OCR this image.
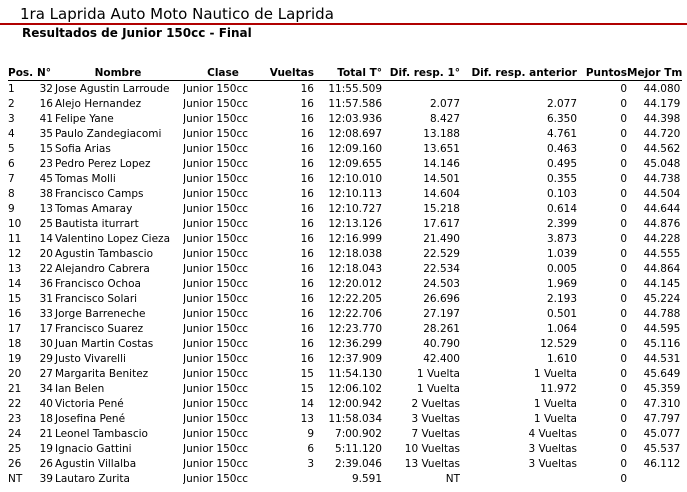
1ra Laprida Auto Moto Nautico de Laprida
Resultados de Junior 150cc - Final
Pos.	N°	Nombre	Clase	Vueltas	Total T°	Dif. resp. 1°	Dif. resp. anterior	Puntos	Mejor Tm
1	32	Jose Agustin Larroude	Junior 150cc	16	11:55.509			0	44.080
2	16	Alejo Hernandez	Junior 150cc	16	11:57.586	2.077	2.077	0	44.179
3	41	Felipe Yane	Junior 150cc	16	12:03.936	8.427	6.350	0	44.398
4	35	Paulo Zandegiacomi	Junior 150cc	16	12:08.697	13.188	4.761	0	44.720
5	15	Sofia Arias	Junior 150cc	16	12:09.160	13.651	0.463	0	44.562
6	23	Pedro Perez Lopez	Junior 150cc	16	12:09.655	14.146	0.495	0	45.048
7	45	Tomas Molli	Junior 150cc	16	12:10.010	14.501	0.355	0	44.738
8	38	Francisco Camps	Junior 150cc	16	12:10.113	14.604	0.103	0	44.504
9	13	Tomas Amaray	Junior 150cc	16	12:10.727	15.218	0.614	0	44.644
10	25	Bautista iturrart	Junior 150cc	16	12:13.126	17.617	2.399	0	44.876
11	14	Valentino Lopez Cieza	Junior 150cc	16	12:16.999	21.490	3.873	0	44.228
12	20	Agustin Tambascio	Junior 150cc	16	12:18.038	22.529	1.039	0	44.555
13	22	Alejandro Cabrera	Junior 150cc	16	12:18.043	22.534	0.005	0	44.864
14	36	Francisco Ochoa	Junior 150cc	16	12:20.012	24.503	1.969	0	44.145
15	31	Francisco Solari	Junior 150cc	16	12:22.205	26.696	2.193	0	45.224
16	33	Jorge Barreneche	Junior 150cc	16	12:22.706	27.197	0.501	0	44.788
17	17	Francisco Suarez	Junior 150cc	16	12:23.770	28.261	1.064	0	44.595
18	30	Juan Martin Costas	Junior 150cc	16	12:36.299	40.790	12.529	0	45.116
19	29	Justo Vivarelli	Junior 150cc	16	12:37.909	42.400	1.610	0	44.531
20	27	Margarita Benitez	Junior 150cc	15	11:54.130	1 Vuelta	1 Vuelta	0	45.649
21	34	Ian Belen	Junior 150cc	15	12:06.102	1 Vuelta	11.972	0	45.359
22	40	Victoria Pené	Junior 150cc	14	12:00.942	2 Vueltas	1 Vuelta	0	47.310
23	18	Josefina Pené	Junior 150cc	13	11:58.034	3 Vueltas	1 Vuelta	0	47.797
24	21	Leonel Tambascio	Junior 150cc	9	7:00.902	7 Vueltas	4 Vueltas	0	45.077
25	19	Ignacio Gattini	Junior 150cc	6	5:11.120	10 Vueltas	3 Vueltas	0	45.537
26	26	Agustin Villalba	Junior 150cc	3	2:39.046	13 Vueltas	3 Vueltas	0	46.112
NT	39	Lautaro Zurita	Junior 150cc		9.591	NT		0	
